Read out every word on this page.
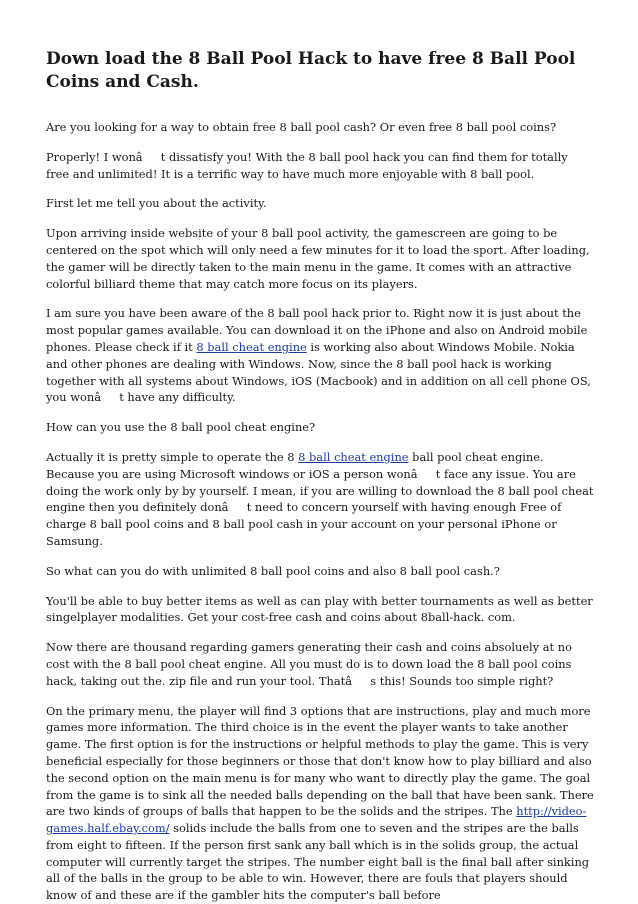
Down load the 8 Ball Pool Hack to have free 8 Ball Pool Coins and Cash.

Are you looking for a way to obtain free 8 ball pool cash? Or even free 8 ball pool coins?

Properly! I wonât dissatisfy you! With the 8 ball pool hack you can find them for totally free and unlimited! It is a terrific way to have much more enjoyable with 8 ball pool.

First let me tell you about the activity.

Upon arriving inside website of your 8 ball pool activity, the gamescreen are going to be centered on the spot which will only need a few minutes for it to load the sport. After loading, the gamer will be directly taken to the main menu in the game. It comes with an attractive colorful billiard theme that may catch more focus on its players.

I am sure you have been aware of the 8 ball pool hack prior to. Right now it is just about the most popular games available. You can download it on the iPhone and also on Android mobile phones. Please check if it 8 ball cheat engine is working also about Windows Mobile. Nokia and other phones are dealing with Windows. Now, since the 8 ball pool hack is working together with all systems about Windows, iOS (Macbook) and in addition on all cell phone OS, you wonât have any difficulty.

How can you use the 8 ball pool cheat engine?

Actually it is pretty simple to operate the 8 8 ball cheat engine ball pool cheat engine. Because you are using Microsoft windows or iOS a person wonât face any issue. You are doing the work only by by yourself. I mean, if you are willing to download the 8 ball pool cheat engine then you definitely donât need to concern yourself with having enough Free of charge 8 ball pool coins and 8 ball pool cash in your account on your personal iPhone or Samsung.

So what can you do with unlimited 8 ball pool coins and also 8 ball pool cash.?

You'll be able to buy better items as well as can play with better tournaments as well as better singelplayer modalities. Get your cost-free cash and coins about 8ball-hack. com.

Now there are thousand regarding gamers generating their cash and coins absoluely at no cost with the 8 ball pool cheat engine. All you must do is to down load the 8 ball pool coins hack, taking out the. zip file and run your tool. Thatâs this! Sounds too simple right?

On the primary menu, the player will find 3 options that are instructions, play and much more games more information. The third choice is in the event the player wants to take another game. The first option is for the instructions or helpful methods to play the game. This is very beneficial especially for those beginners or those that don't know how to play billiard and also the second option on the main menu is for many who want to directly play the game. The goal from the game is to sink all the needed balls depending on the ball that have been sank. There are two kinds of groups of balls that happen to be the solids and the stripes. The http://video-games.half.ebay.com/ solids include the balls from one to seven and the stripes are the balls from eight to fifteen. If the person first sank any ball which is in the solids group, the actual computer will currently target the stripes. The number eight ball is the final ball after sinking all of the balls in the group to be able to win. However, there are fouls that players should know of and these are if the gambler hits the computer's ball before
